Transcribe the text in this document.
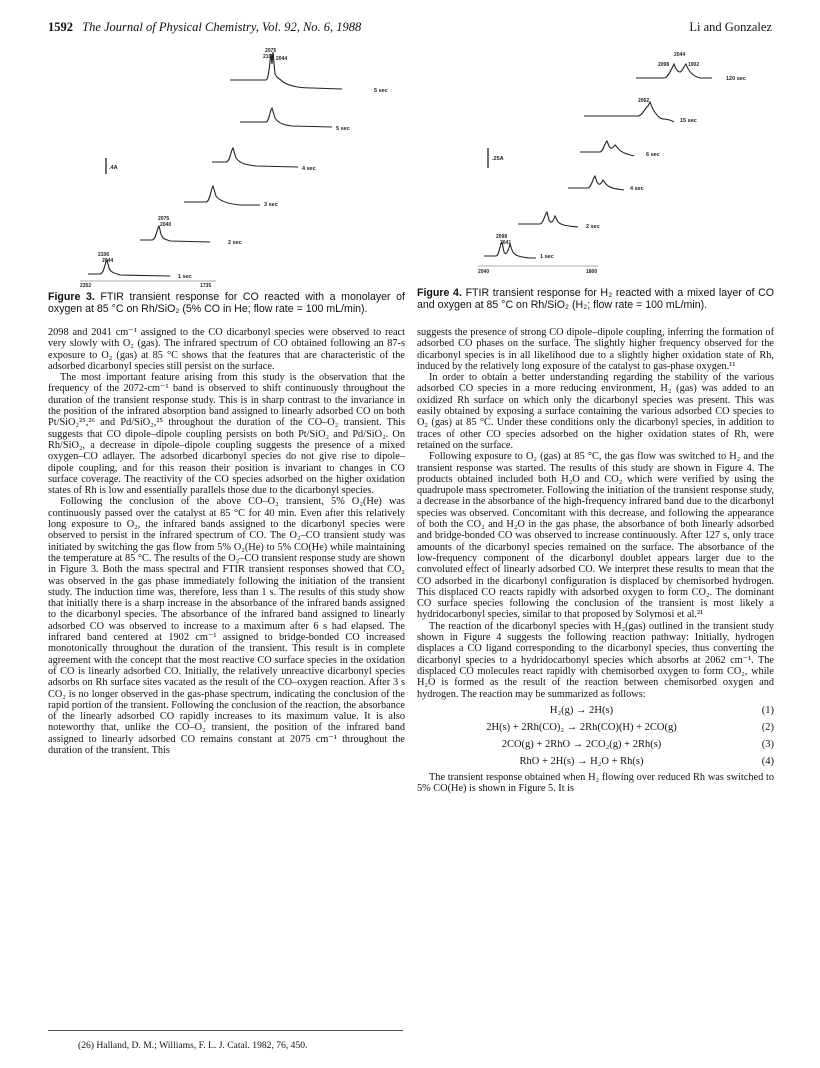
1592 The Journal of Physical Chemistry, Vol. 92, No. 6, 1988	Li and Gonzalez
.4A
2075
2108 2044
2075
2040
2106
2044
5 sec
5 sec
4 sec
3 sec
2 sec
1 sec
2352	1735
Figure 3. FTIR transient response for CO reacted with a monolayer of oxygen at 85 °C on Rh/SiO₂ (5% CO in He; flow rate = 100 mL/min).
.25A
2044
2098	1902
2062
2098
2041
120 sec
15 sec
6 sec
4 sec
2 sec
1 sec
2040	1800
Figure 4. FTIR transient response for H₂ reacted with a mixed layer of CO and oxygen at 85 °C on Rh/SiO₂ (H₂; flow rate = 100 mL/min).

2098 and 2041 cm⁻¹ assigned to the CO dicarbonyl species were observed to react very slowly with O₂ (gas). The infrared spectrum of CO obtained following an 87-s exposure to O₂ (gas) at 85 °C shows that the features that are characteristic of the adsorbed dicarbonyl species still persist on the surface.

The most important feature arising from this study is the observation that the frequency of the 2072-cm⁻¹ band is observed to shift continuously throughout the duration of the transient response study. This is in sharp contrast to the invariance in the position of the infrared absorption band assigned to linearly adsorbed CO on both Pt/SiO₂²⁵,²⁶ and Pd/SiO₂,²⁵ throughout the duration of the CO–O₂ transient. This suggests that CO dipole–dipole coupling persists on both Pt/SiO₂ and Pd/SiO₂. On Rh/SiO₂, a decrease in dipole–dipole coupling suggests the presence of a mixed oxygen–CO adlayer. The adsorbed dicarbonyl species do not give rise to dipole–dipole coupling, and for this reason their position is invariant to changes in CO surface coverage. The reactivity of the CO species adsorbed on the higher oxidation states of Rh is low and essentially parallels those due to the dicarbonyl species.

Following the conclusion of the above CO–O₂ transient, 5% O₂(He) was continuously passed over the catalyst at 85 °C for 40 min. Even after this relatively long exposure to O₂, the infrared bands assigned to the dicarbonyl species were observed to persist in the infrared spectrum of CO. The O₂–CO transient study was initiated by switching the gas flow from 5% O₂(He) to 5% CO(He) while maintaining the temperature at 85 °C. The results of the O₂–CO transient response study are shown in Figure 3. Both the mass spectral and FTIR transient responses showed that CO₂ was observed in the gas phase immediately following the initiation of the transient study. The induction time was, therefore, less than 1 s. The results of this study show that initially there is a sharp increase in the absorbance of the infrared bands assigned to the dicarbonyl species. The absorbance of the infrared band assigned to linearly adsorbed CO was observed to increase to a maximum after 6 s had elapsed. The infrared band centered at 1902 cm⁻¹ assigned to bridge-bonded CO increased monotonically throughout the duration of the transient. This result is in complete agreement with the concept that the most reactive CO surface species in the oxidation of CO is linearly adsorbed CO. Initially, the relatively unreactive dicarbonyl species adsorbs on Rh surface sites vacated as the result of the CO–oxygen reaction. After 3 s CO₂ is no longer observed in the gas-phase spectrum, indicating the conclusion of the rapid portion of the transient. Following the conclusion of the reaction, the absorbance of the linearly adsorbed CO rapidly increases to its maximum value. It is also noteworthy that, unlike the CO–O₂ transient, the position of the infrared band assigned to linearly adsorbed CO remains constant at 2075 cm⁻¹ throughout the duration of the transient. This

suggests the presence of strong CO dipole–dipole coupling, inferring the formation of adsorbed CO phases on the surface. The slightly higher frequency observed for the dicarbonyl species is in all likelihood due to a slightly higher oxidation state of Rh, induced by the relatively long exposure of the catalyst to gas-phase oxygen.¹¹

In order to obtain a better understanding regarding the stability of the various adsorbed CO species in a more reducing environment, H₂ (gas) was added to an oxidized Rh surface on which only the dicarbonyl species was present. This was easily obtained by exposing a surface containing the various adsorbed CO species to O₂ (gas) at 85 °C. Under these conditions only the dicarbonyl species, in addition to traces of other CO species adsorbed on the higher oxidation states of Rh, were retained on the surface.

Following exposure to O₂ (gas) at 85 °C, the gas flow was switched to H₂ and the transient response was started. The results of this study are shown in Figure 4. The products obtained included both H₂O and CO₂ which were verified by using the quadrupole mass spectrometer. Following the initiation of the transient response study, a decrease in the absorbance of the high-frequency infrared band due to the dicarbonyl species was observed. Concomitant with this decrease, and following the appearance of both the CO₂ and H₂O in the gas phase, the absorbance of both linearly adsorbed and bridge-bonded CO was observed to increase continuously. After 127 s, only trace amounts of the dicarbonyl species remained on the surface. The absorbance of the low-frequency component of the dicarbonyl doublet appears larger due to the convoluted effect of linearly adsorbed CO. We interpret these results to mean that the CO adsorbed in the dicarbonyl configuration is displaced by chemisorbed hydrogen. This displaced CO reacts rapidly with adsorbed oxygen to form CO₂. The dominant CO surface species following the conclusion of the transient is most likely a hydridocarbonyl species, similar to that proposed by Solymosi et al.²¹

The reaction of the dicarbonyl species with H₂(gas) outlined in the transient study shown in Figure 4 suggests the following reaction pathway: Initially, hydrogen displaces a CO ligand corresponding to the dicarbonyl species, thus converting the dicarbonyl species to a hydridocarbonyl species which absorbs at 2062 cm⁻¹. The displaced CO molecules react rapidly with chemisorbed oxygen to form CO₂, while H₂O is formed as the result of the reaction between chemisorbed oxygen and hydrogen. The reaction may be summarized as follows:

H₂(g) → 2H(s)	(1)
2H(s) + 2Rh(CO)₂ → 2Rh(CO)(H) + 2CO(g)	(2)
2CO(g) + 2RhO → 2CO₂(g) + 2Rh(s)	(3)
RhO + 2H(s) → H₂O + Rh(s)	(4)

The transient response obtained when H₂ flowing over reduced Rh was switched to 5% CO(He) is shown in Figure 5. It is

(26) Halland, D. M.; Williams, F. L. J. Catal. 1982, 76, 450.
